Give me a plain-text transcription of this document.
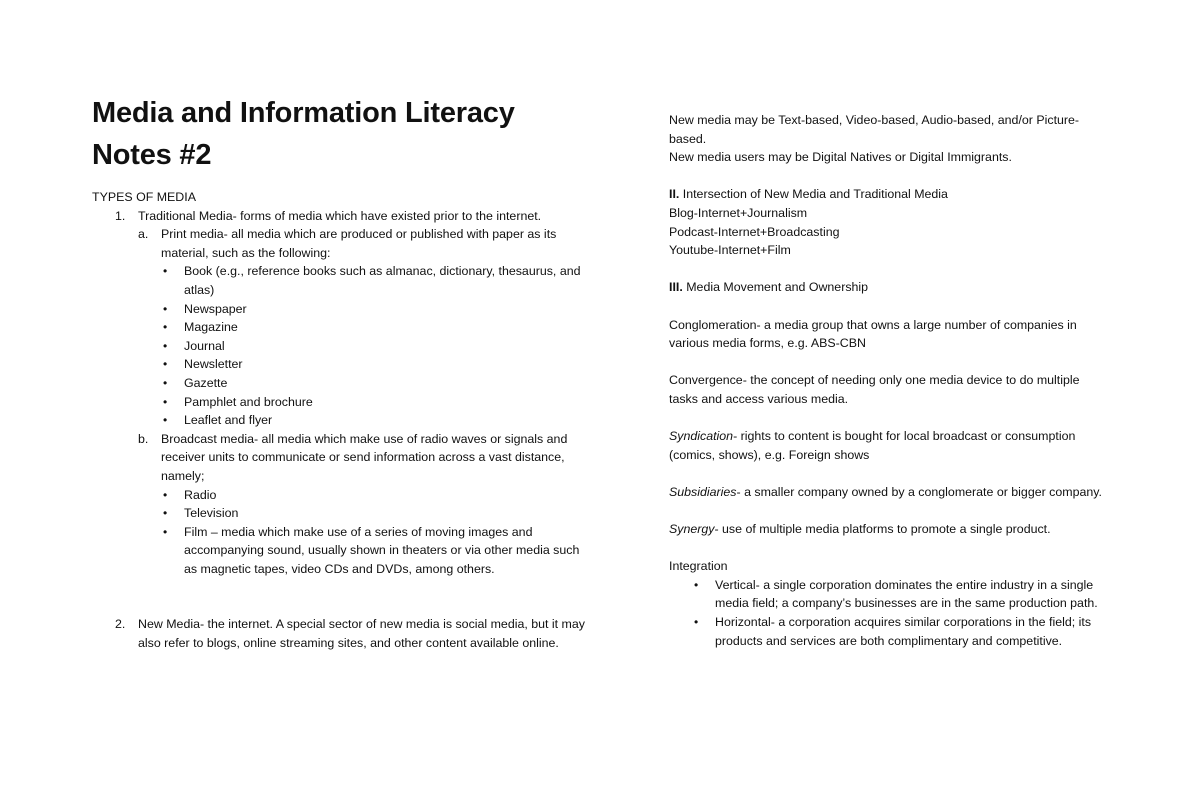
Media and Information Literacy Notes #2

TYPES OF MEDIA

1. Traditional Media- forms of media which have existed prior to the internet.
a. Print media- all media which are produced or published with paper as its material, such as the following:
• Book (e.g., reference books such as almanac, dictionary, thesaurus, and atlas)
• Newspaper
• Magazine
• Journal
• Newsletter
• Gazette
• Pamphlet and brochure
• Leaflet and flyer
b. Broadcast media- all media which make use of radio waves or signals and receiver units to communicate or send information across a vast distance, namely;
• Radio
• Television
• Film – media which make use of a series of moving images and accompanying sound, usually shown in theaters or via other media such as magnetic tapes, video CDs and DVDs, among others.
2. New Media- the internet. A special sector of new media is social media, but it may also refer to blogs, online streaming sites, and other content available online.

New media may be Text-based, Video-based, Audio-based, and/or Picture-based.

New media users may be Digital Natives or Digital Immigrants.

II. Intersection of New Media and Traditional Media

Blog-Internet+Journalism

Podcast-Internet+Broadcasting

Youtube-Internet+Film

III. Media Movement and Ownership

Conglomeration- a media group that owns a large number of companies in various media forms, e.g. ABS-CBN

Convergence- the concept of needing only one media device to do multiple tasks and access various media.

Syndication- rights to content is bought for local broadcast or consumption (comics, shows), e.g. Foreign shows

Subsidiaries- a smaller company owned by a conglomerate or bigger company.

Synergy- use of multiple media platforms to promote a single product.

Integration

• Vertical- a single corporation dominates the entire industry in a single media field; a company’s businesses are in the same production path.
• Horizontal- a corporation acquires similar corporations in the field; its products and services are both complimentary and competitive.
